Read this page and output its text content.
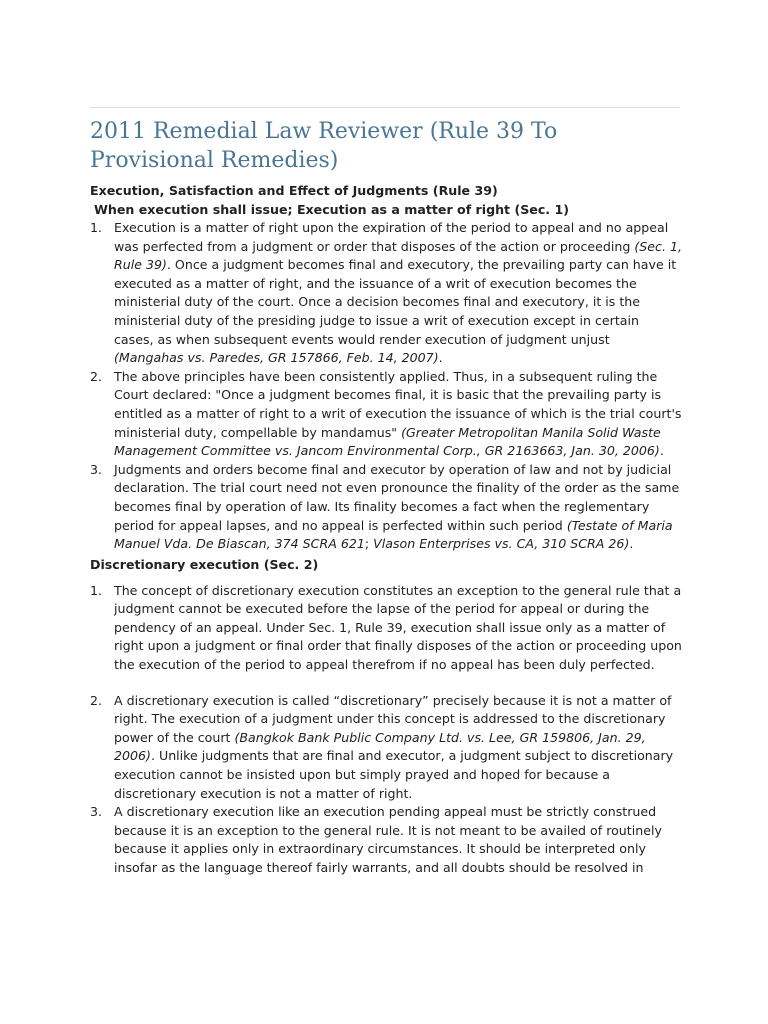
2011 Remedial Law Reviewer (Rule 39 To Provisional Remedies)
Execution, Satisfaction and Effect of Judgments (Rule 39)
When execution shall issue; Execution as a matter of right (Sec. 1)
1. Execution is a matter of right upon the expiration of the period to appeal and no appeal was perfected from a judgment or order that disposes of the action or proceeding (Sec. 1, Rule 39). Once a judgment becomes final and executory, the prevailing party can have it executed as a matter of right, and the issuance of a writ of execution becomes the ministerial duty of the court. Once a decision becomes final and executory, it is the ministerial duty of the presiding judge to issue a writ of execution except in certain cases, as when subsequent events would render execution of judgment unjust (Mangahas vs. Paredes, GR 157866, Feb. 14, 2007).
2. The above principles have been consistently applied. Thus, in a subsequent ruling the Court declared: "Once a judgment becomes final, it is basic that the prevailing party is entitled as a matter of right to a writ of execution the issuance of which is the trial court's ministerial duty, compellable by mandamus" (Greater Metropolitan Manila Solid Waste Management Committee vs. Jancom Environmental Corp., GR 2163663, Jan. 30, 2006).
3. Judgments and orders become final and executor by operation of law and not by judicial declaration. The trial court need not even pronounce the finality of the order as the same becomes final by operation of law. Its finality becomes a fact when the reglementary period for appeal lapses, and no appeal is perfected within such period (Testate of Maria Manuel Vda. De Biascan, 374 SCRA 621; Vlason Enterprises vs. CA, 310 SCRA 26).
Discretionary execution (Sec. 2)
1. The concept of discretionary execution constitutes an exception to the general rule that a judgment cannot be executed before the lapse of the period for appeal or during the pendency of an appeal. Under Sec. 1, Rule 39, execution shall issue only as a matter of right upon a judgment or final order that finally disposes of the action or proceeding upon the execution of the period to appeal therefrom if no appeal has been duly perfected.
2. A discretionary execution is called “discretionary” precisely because it is not a matter of right. The execution of a judgment under this concept is addressed to the discretionary power of the court (Bangkok Bank Public Company Ltd. vs. Lee, GR 159806, Jan. 29, 2006). Unlike judgments that are final and executor, a judgment subject to discretionary execution cannot be insisted upon but simply prayed and hoped for because a discretionary execution is not a matter of right.
3. A discretionary execution like an execution pending appeal must be strictly construed because it is an exception to the general rule. It is not meant to be availed of routinely because it applies only in extraordinary circumstances. It should be interpreted only insofar as the language thereof fairly warrants, and all doubts should be resolved in
